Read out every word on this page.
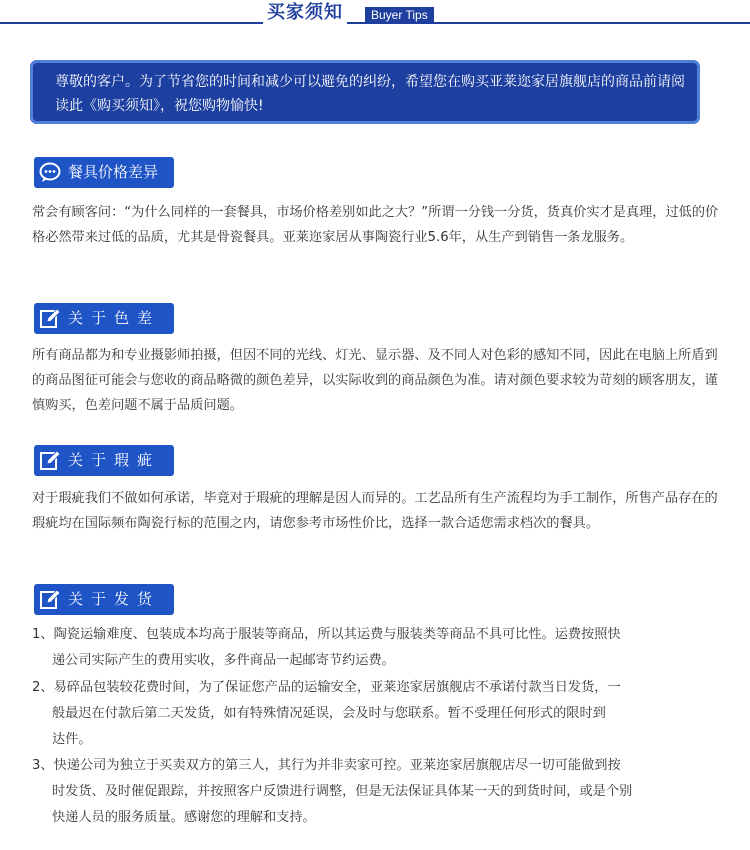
买家须知	Buyer Tips

尊敬的客户。为了节省您的时间和减少可以避免的纠纷，希望您在购买亚莱迩家居旗舰店的商品前请阅读此《购买须知》，祝您购物愉快!

餐具价格差异

常会有顾客问：“为什么同样的一套餐具，市场价格差别如此之大？”所谓一分钱一分货，货真价实才是真理，过低的价格必然带来过低的品质，尤其是骨瓷餐具。亚莱迩家居从事陶瓷行业5.6年，从生产到销售一条龙服务。

关于色差

所有商品都为和专业摄影师拍摄，但因不同的光线、灯光、显示器、及不同人对色彩的感知不同，因此在电脑上所盾到的商品图征可能会与您收的商品略微的颜色差异，以实际收到的商品颜色为准。请对颜色要求较为苛刻的顾客朋友，谨慎购买，色差问题不属于品质问题。

关于瑕疵

对于瑕疵我们不做如何承诺，毕竟对于瑕疵的理解是因人而异的。工艺品所有生产流程均为手工制作，所售产品存在的瑕疵均在国际频布陶瓷行标的范围之内，请您参考市场性价比，选择一款合适您需求档次的餐具。

关于发货
1、陶瓷运输难度、包装成本均高于服装等商品，所以其运费与服装类等商品不具可比性。运费按照快
递公司实际产生的费用实收，多件商品一起邮寄节约运费。
2、易碎品包装较花费时间，为了保证您产品的运输安全，亚莱迩家居旗舰店不承诺付款当日发货，一
般最迟在付款后第二天发货，如有特殊情况延误，会及时与您联系。暂不受理任何形式的限时到
达件。
3、快递公司为独立于买卖双方的第三人，其行为并非卖家可控。亚莱迩家居旗舰店尽一切可能做到按
时发货、及时催促跟踪，并按照客户反馈进行调整，但是无法保证具体某一天的到货时间，或是个别
快递人员的服务质量。感谢您的理解和支持。
